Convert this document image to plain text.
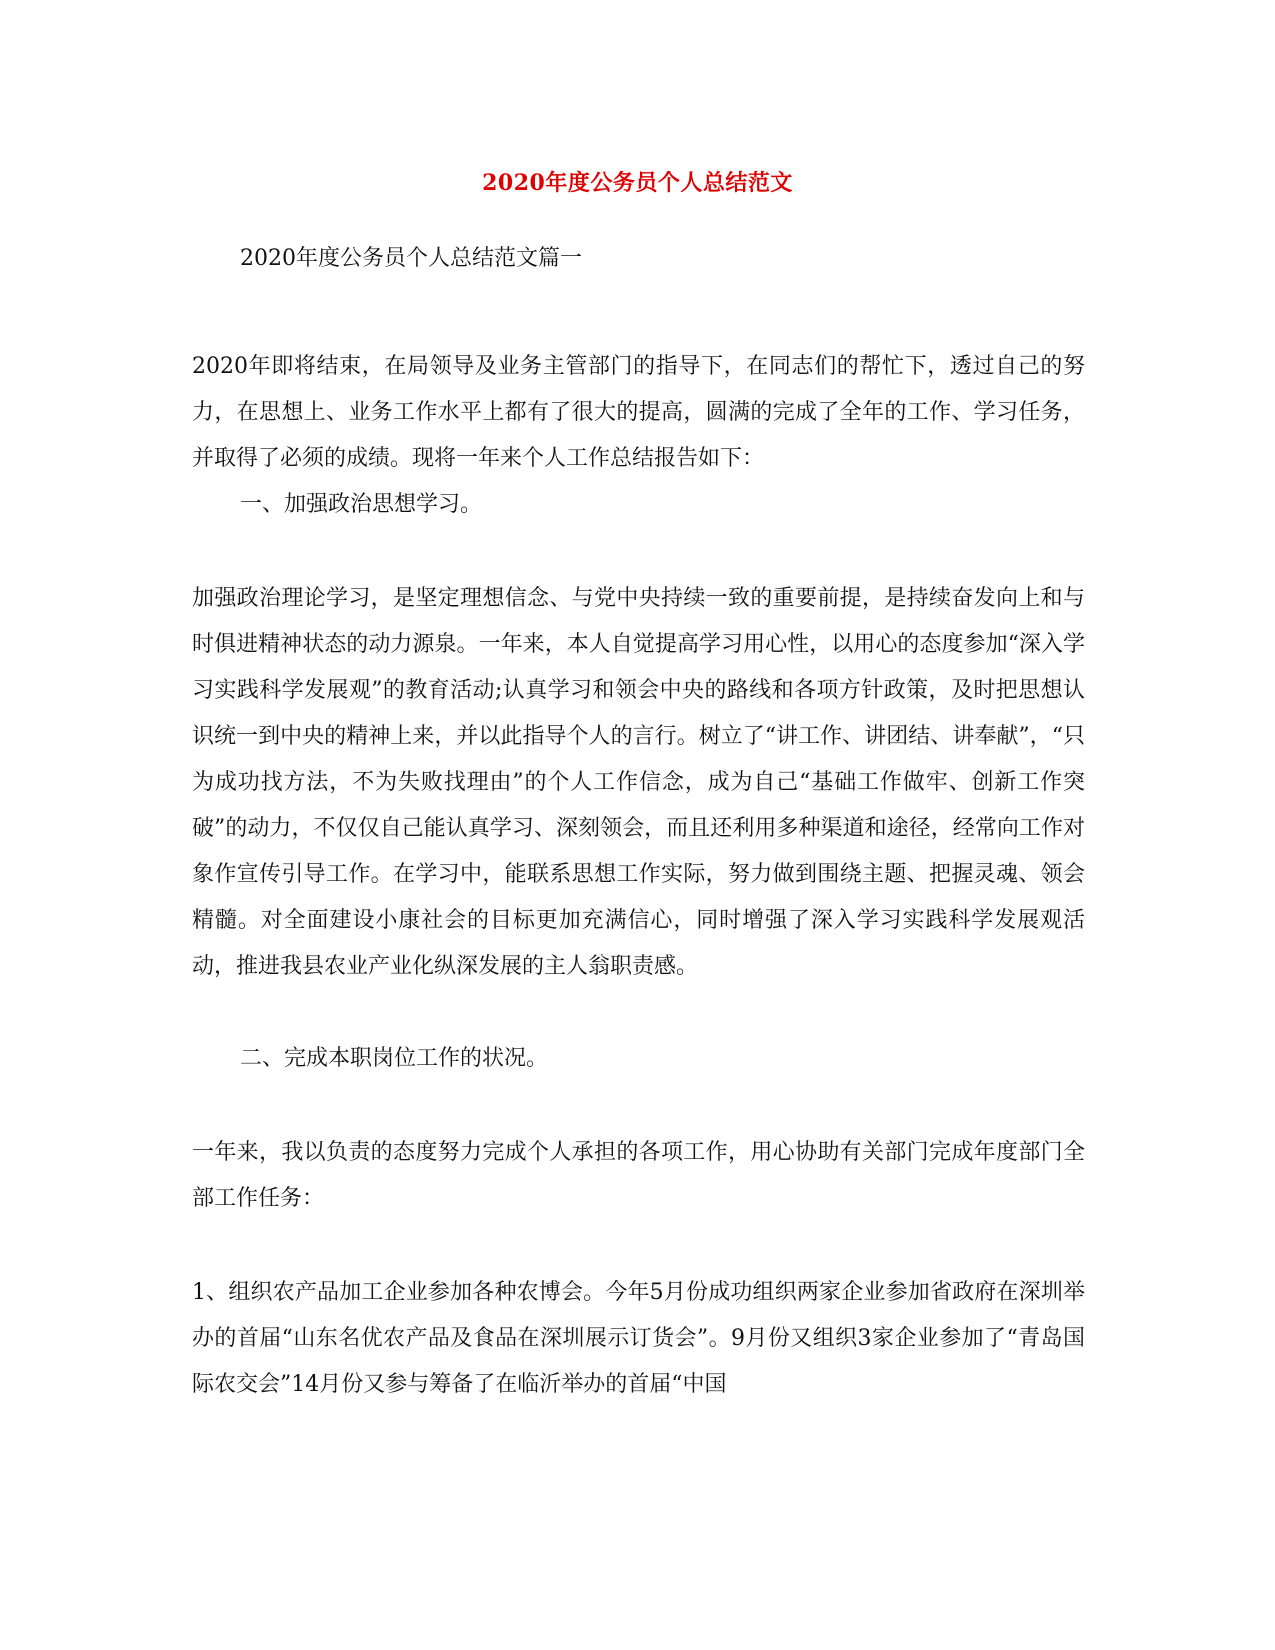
2020年度公务员个人总结范文
2020年度公务员个人总结范文篇一
2020年即将结束，在局领导及业务主管部门的指导下，在同志们的帮忙下，透过自己的努力，在思想上、业务工作水平上都有了很大的提高，圆满的完成了全年的工作、学习任务，并取得了必须的成绩。现将一年来个人工作总结报告如下：
一、加强政治思想学习。
加强政治理论学习，是坚定理想信念、与党中央持续一致的重要前提，是持续奋发向上和与时俱进精神状态的动力源泉。一年来，本人自觉提高学习用心性，以用心的态度参加“深入学习实践科学发展观”的教育活动;认真学习和领会中央的路线和各项方针政策，及时把思想认识统一到中央的精神上来，并以此指导个人的言行。树立了“讲工作、讲团结、讲奉献”，“只为成功找方法，不为失败找理由”的个人工作信念，成为自己“基础工作做牢、创新工作突破”的动力，不仅仅自己能认真学习、深刻领会，而且还利用多种渠道和途径，经常向工作对象作宣传引导工作。在学习中，能联系思想工作实际，努力做到围绕主题、把握灵魂、领会精髓。对全面建设小康社会的目标更加充满信心，同时增强了深入学习实践科学发展观活动，推进我县农业产业化纵深发展的主人翁职责感。
二、完成本职岗位工作的状况。
一年来，我以负责的态度努力完成个人承担的各项工作，用心协助有关部门完成年度部门全部工作任务：
1、组织农产品加工企业参加各种农博会。今年5月份成功组织两家企业参加省政府在深圳举办的首届“山东名优农产品及食品在深圳展示订货会”。9月份又组织3家企业参加了“青岛国际农交会”14月份又参与筹备了在临沂举办的首届“中国
